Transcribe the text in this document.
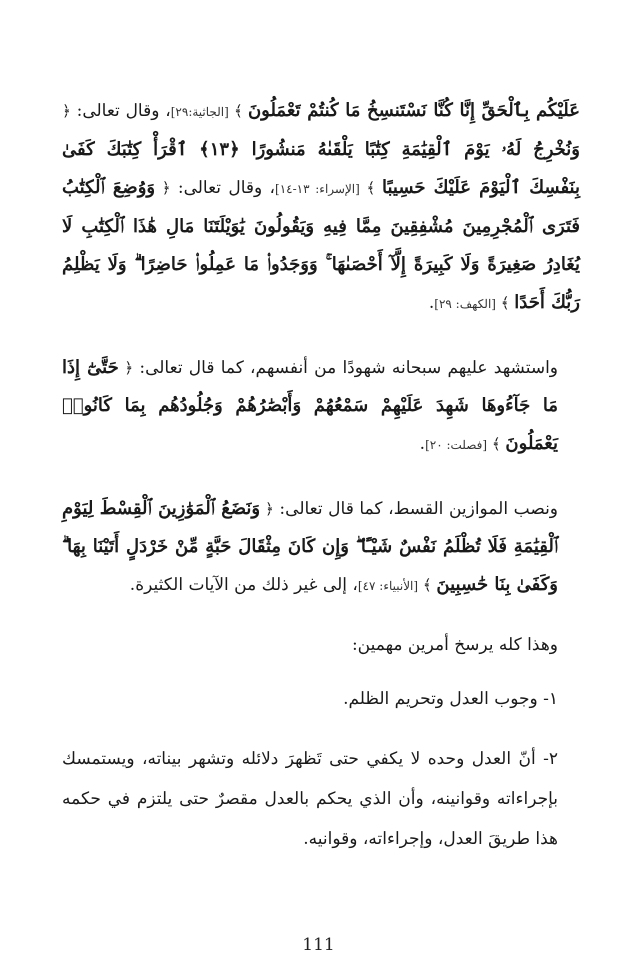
عَلَيْكُم بِٱلْحَقِّ إِنَّا كُنَّا نَسْتَنسِخُ مَا كُنتُمْ تَعْمَلُونَ ﴾ [الجاثية:٢٩]، وقال تعالى: ﴿ وَنُخْرِجُ لَهُۥ يَوْمَ ٱلْقِيَٰمَةِ كِتَٰبًا يَلْقَىٰهُ مَنشُورًا ﴿١٣﴾ ٱقْرَأْ كِتَٰبَكَ كَفَىٰ بِنَفْسِكَ ٱلْيَوْمَ عَلَيْكَ حَسِيبًا ﴾ [الإسراء: ١٣-١٤]، وقال تعالى: ﴿ وَوُضِعَ ٱلْكِتَٰبُ فَتَرَى ٱلْمُجْرِمِينَ مُشْفِقِينَ مِمَّا فِيهِ وَيَقُولُونَ يَٰوَيْلَتَنَا مَالِ هَٰذَا ٱلْكِتَٰبِ لَا يُغَادِرُ صَغِيرَةً وَلَا كَبِيرَةً إِلَّآ أَحْصَىٰهَا ۚ وَوَجَدُوا۟ مَا عَمِلُوا۟ حَاضِرًا ۗ وَلَا يَظْلِمُ رَبُّكَ أَحَدًا ﴾ [الكهف: ٢٩].

واستشهد عليهم سبحانه شهودًا من أنفسهم، كما قال تعالى: ﴿ حَتَّىٰٓ إِذَا مَا جَآءُوهَا شَهِدَ عَلَيْهِمْ سَمْعُهُمْ وَأَبْصَٰرُهُمْ وَجُلُودُهُم بِمَا كَانُوا۟ يَعْمَلُونَ ﴾ [فصلت: ٢٠].

ونصب الموازين القسط، كما قال تعالى: ﴿ وَنَضَعُ ٱلْمَوَٰزِينَ ٱلْقِسْطَ لِيَوْمِ ٱلْقِيَٰمَةِ فَلَا تُظْلَمُ نَفْسٌ شَيْـًٔا ۖ وَإِن كَانَ مِثْقَالَ حَبَّةٍ مِّنْ خَرْدَلٍ أَتَيْنَا بِهَا ۗ وَكَفَىٰ بِنَا حَٰسِبِينَ ﴾ [الأنبياء: ٤٧]، إلى غير ذلك من الآيات الكثيرة.

وهذا كله يرسخ أمرين مهمين:

١- وجوب العدل وتحريم الظلم.

٢- أنّ العدل وحده لا يكفي حتى تَظهرَ دلائله وتشهر بيناته، ويستمسك بإجراءاته وقوانينه، وأن الذي يحكم بالعدل مقصرٌ حتى يلتزم في حكمه هذا طريقَ العدل، وإجراءاته، وقوانيه.

111
